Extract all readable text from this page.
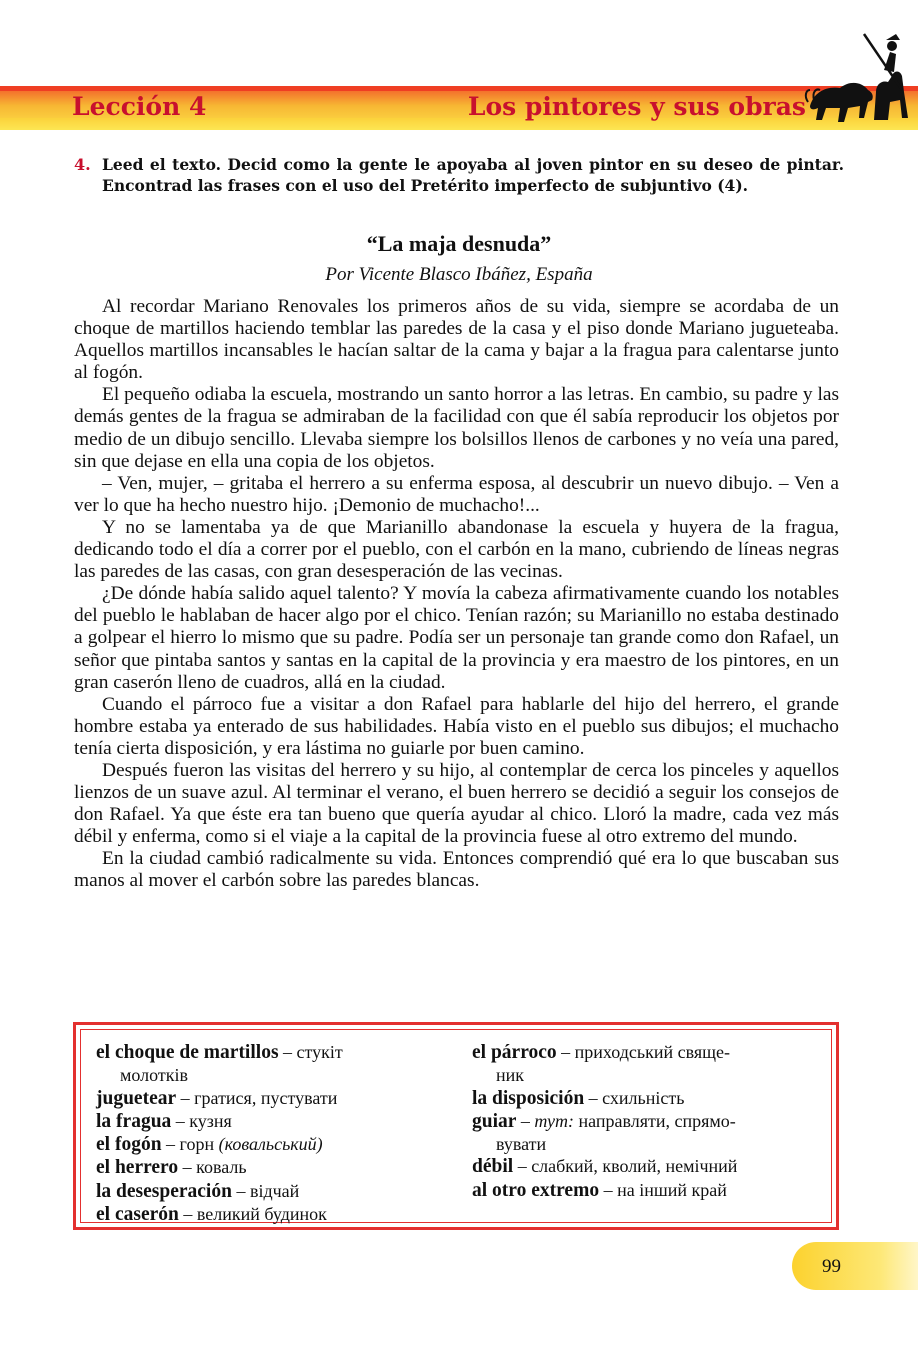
Lección 4	Los pintores y sus obras
4. Leed el texto. Decid como la gente le apoyaba al joven pintor en su deseo de pintar. Encontrad las frases con el uso del Pretérito imperfecto de subjuntivo (4).
“La maja desnuda”
Por Vicente Blasco Ibáñez, España

Al recordar Mariano Renovales los primeros años de su vida, siempre se acordaba de un choque de martillos haciendo temblar las paredes de la casa y el piso donde Mariano jugueteaba. Aquellos martillos incansables le hacían saltar de la cama y bajar a la fragua para calentarse junto al fogón.

El pequeño odiaba la escuela, mostrando un santo horror a las letras. En cambio, su padre y las demás gentes de la fragua se admiraban de la facilidad con que él sabía reproducir los objetos por medio de un dibujo sencillo. Llevaba siempre los bolsillos llenos de carbones y no veía una pared, sin que dejase en ella una copia de los objetos.

– Ven, mujer, – gritaba el herrero a su enferma esposa, al descubrir un nuevo dibujo. – Ven a ver lo que ha hecho nuestro hijo. ¡Demonio de muchacho!...

Y no se lamentaba ya de que Marianillo abandonase la escuela y huyera de la fragua, dedicando todo el día a correr por el pueblo, con el carbón en la mano, cubriendo de líneas negras las paredes de las casas, con gran desesperación de las vecinas.

¿De dónde había salido aquel talento? Y movía la cabeza afirmativamente cuando los notables del pueblo le hablaban de hacer algo por el chico. Tenían razón; su Marianillo no estaba destinado a golpear el hierro lo mismo que su padre. Podía ser un personaje tan grande como don Rafael, un señor que pintaba santos y santas en la capital de la provincia y era maestro de los pintores, en un gran caserón lleno de cuadros, allá en la ciudad.

Cuando el párroco fue a visitar a don Rafael para hablarle del hijo del herrero, el grande hombre estaba ya enterado de sus habilidades. Había visto en el pueblo sus dibujos; el muchacho tenía cierta disposición, y era lástima no guiarle por buen camino.

Después fueron las visitas del herrero y su hijo, al contemplar de cerca los pinceles y aquellos lienzos de un suave azul. Al terminar el verano, el buen herrero se decidió a seguir los consejos de don Rafael. Ya que éste era tan bueno que quería ayudar al chico. Lloró la madre, cada vez más débil y enferma, como si el viaje a la capital de la provincia fuese al otro extremo del mundo.

En la ciudad cambió radicalmente su vida. Entonces comprendió qué era lo que buscaban sus manos al mover el carbón sobre las paredes blancas.

el choque de martillos – стукіт
молотків
juguetear – гратися, пустувати
la fragua – кузня
el fogón – горн (ковальський)
el herrero – коваль
la desesperación – відчай
el caserón – великий будинок
el párroco – приходський свяще-
ник
la disposición – схильність
guiar – тут: направляти, спрямо-
вувати
débil – слабкий, кволий, немічний
al otro extremo – на інший край
99
